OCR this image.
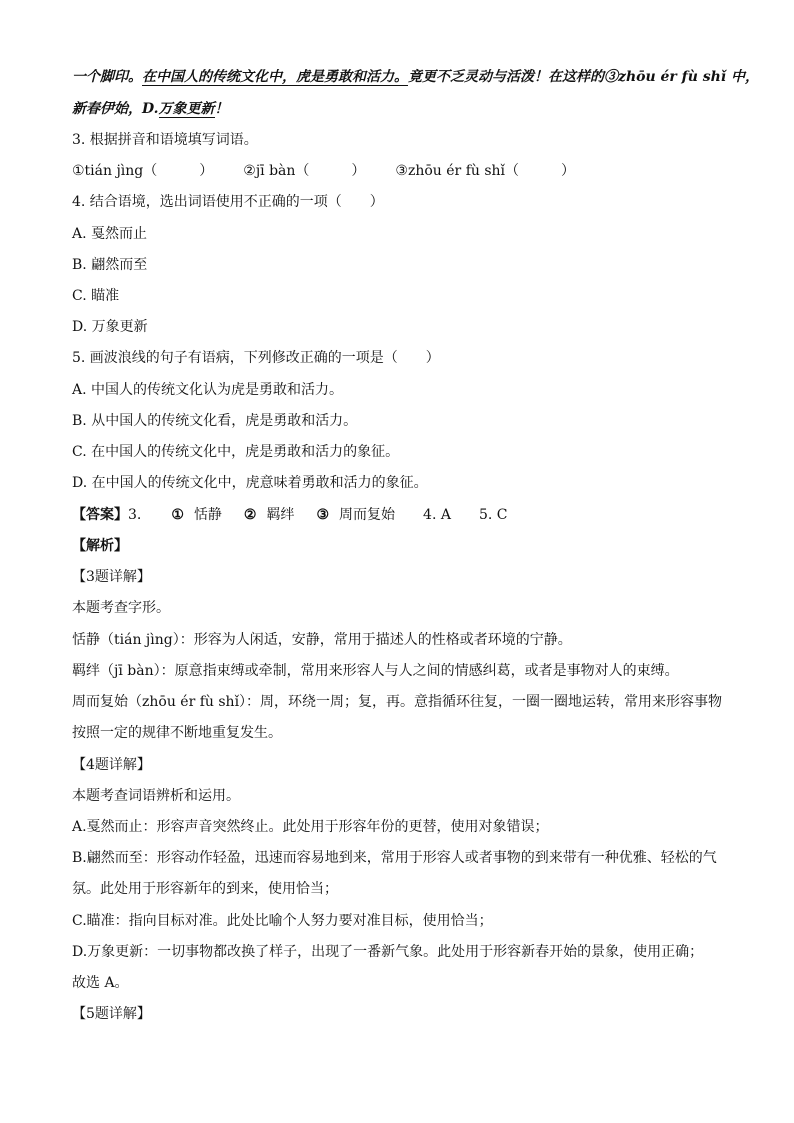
一个脚印。在中国人的传统文化中，虎是勇敢和活力。竟更不乏灵动与活泼！在这样的③zhōu ér fù shǐ 中，
新春伊始，D.万象更新！
3. 根据拼音和语境填写词语。
①tián jìng（　　　） ②jī bàn（　　　） ③zhōu ér fù shǐ（　　　）
4. 结合语境，选出词语使用不正确的一项（　　）
A. 戛然而止
B. 翩然而至
C. 瞄准
D. 万象更新
5. 画波浪线的句子有语病，下列修改正确的一项是（　　）
A. 中国人的传统文化认为虎是勇敢和活力。
B. 从中国人的传统文化看，虎是勇敢和活力。
C. 在中国人的传统文化中，虎是勇敢和活力的象征。
D. 在中国人的传统文化中，虎意味着勇敢和活力的象征。
【答案】3. ① 恬静 ② 羁绊 ③ 周而复始 4. A 5. C
【解析】
【3题详解】
本题考查字形。
恬静（tián jìng）：形容为人闲适，安静，常用于描述人的性格或者环境的宁静。
羁绊（jī bàn）：原意指束缚或牵制，常用来形容人与人之间的情感纠葛，或者是事物对人的束缚。
周而复始（zhōu ér fù shǐ）：周，环绕一周；复，再。意指循环往复，一圈一圈地运转，常用来形容事物
按照一定的规律不断地重复发生。
【4题详解】
本题考查词语辨析和运用。
A.戛然而止：形容声音突然终止。此处用于形容年份的更替，使用对象错误；
B.翩然而至：形容动作轻盈，迅速而容易地到来，常用于形容人或者事物的到来带有一种优雅、轻松的气
氛。此处用于形容新年的到来，使用恰当；
C.瞄准：指向目标对准。此处比喻个人努力要对准目标，使用恰当；
D.万象更新：一切事物都改换了样子，出现了一番新气象。此处用于形容新春开始的景象，使用正确；
故选 A。
【5题详解】
